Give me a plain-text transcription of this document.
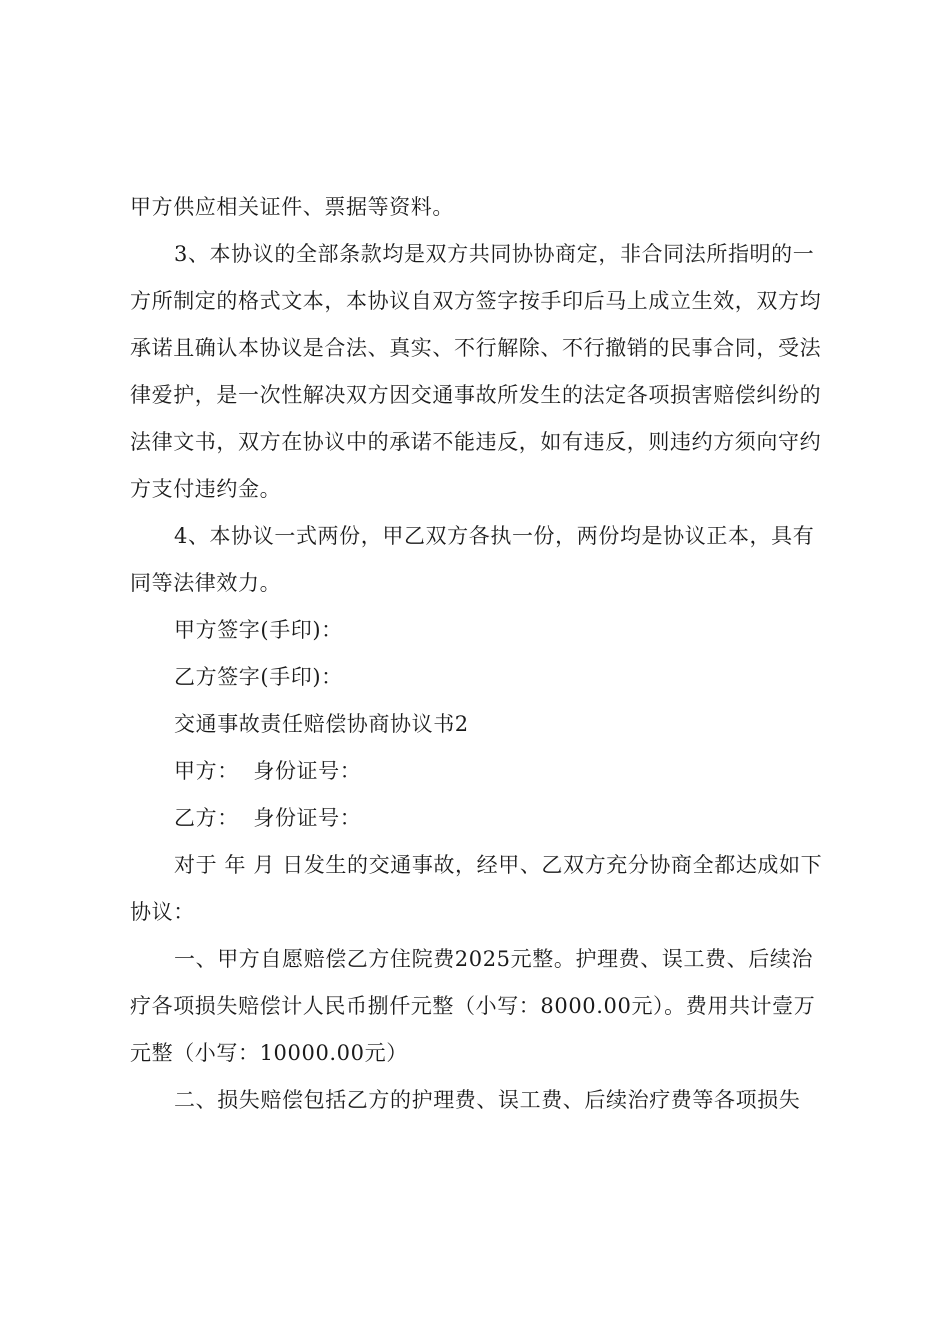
甲方供应相关证件、票据等资料。

3、本协议的全部条款均是双方共同协协商定，非合同法所指明的一方所制定的格式文本，本协议自双方签字按手印后马上成立生效，双方均承诺且确认本协议是合法、真实、不行解除、不行撤销的民事合同，受法律爱护，是一次性解决双方因交通事故所发生的法定各项损害赔偿纠纷的法律文书，双方在协议中的承诺不能违反，如有违反，则违约方须向守约方支付违约金。

4、本协议一式两份，甲乙双方各执一份，两份均是协议正本，具有同等法律效力。

甲方签字(手印)：

乙方签字(手印)：

交通事故责任赔偿协商协议书2

甲方：  身份证号：

乙方：  身份证号：

对于 年 月 日发生的交通事故，经甲、乙双方充分协商全都达成如下协议：

一、甲方自愿赔偿乙方住院费2025元整。护理费、误工费、后续治疗各项损失赔偿计人民币捌仟元整（小写：8000.00元）。费用共计壹万元整（小写：10000.00元）

二、损失赔偿包括乙方的护理费、误工费、后续治疗费等各项损失
